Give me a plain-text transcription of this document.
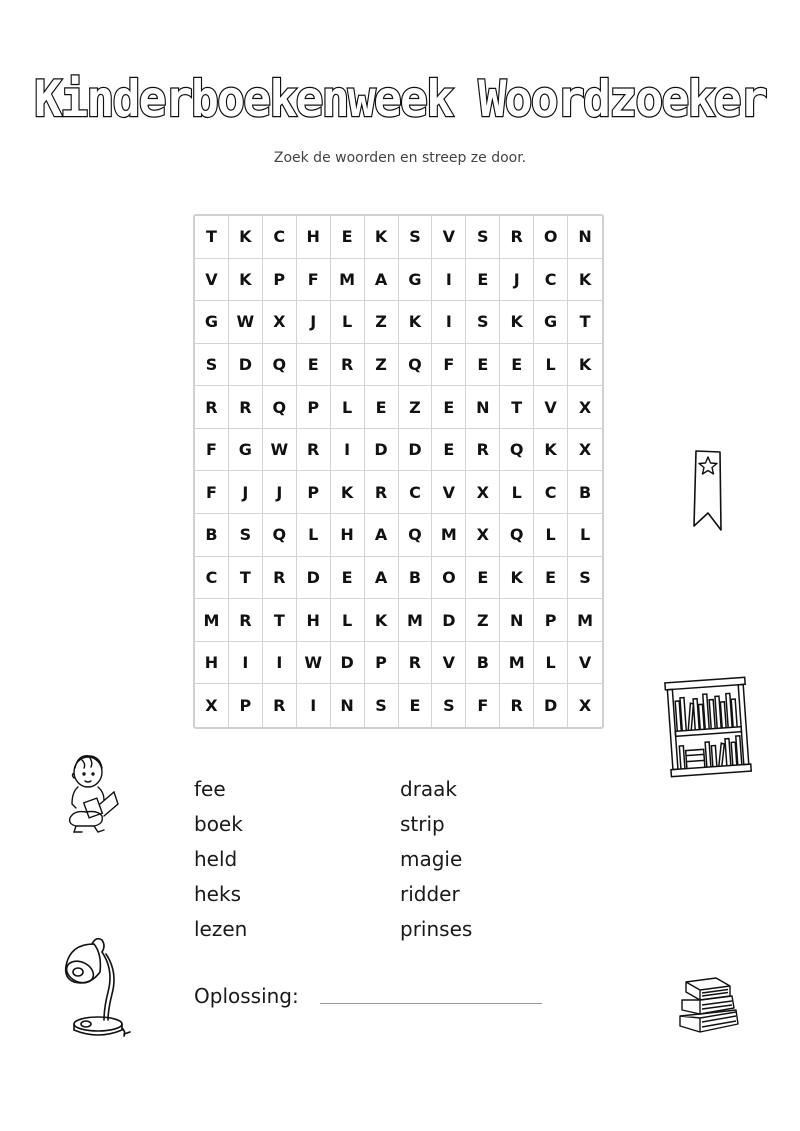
Kinderboekenweek Woordzoeker
Zoek de woorden en streep ze door.
T	K	C	H	E	K	S	V	S	R	O	N
V	K	P	F	M	A	G	I	E	J	C	K
G	W	X	J	L	Z	K	I	S	K	G	T
S	D	Q	E	R	Z	Q	F	E	E	L	K
R	R	Q	P	L	E	Z	E	N	T	V	X
F	G	W	R	I	D	D	E	R	Q	K	X
F	J	J	P	K	R	C	V	X	L	C	B
B	S	Q	L	H	A	Q	M	X	Q	L	L
C	T	R	D	E	A	B	O	E	K	E	S
M	R	T	H	L	K	M	D	Z	N	P	M
H	I	I	W	D	P	R	V	B	M	L	V
X	P	R	I	N	S	E	S	F	R	D	X
fee
boek
held
heks
lezen
draak
strip
magie
ridder
prinses
Oplossing:
